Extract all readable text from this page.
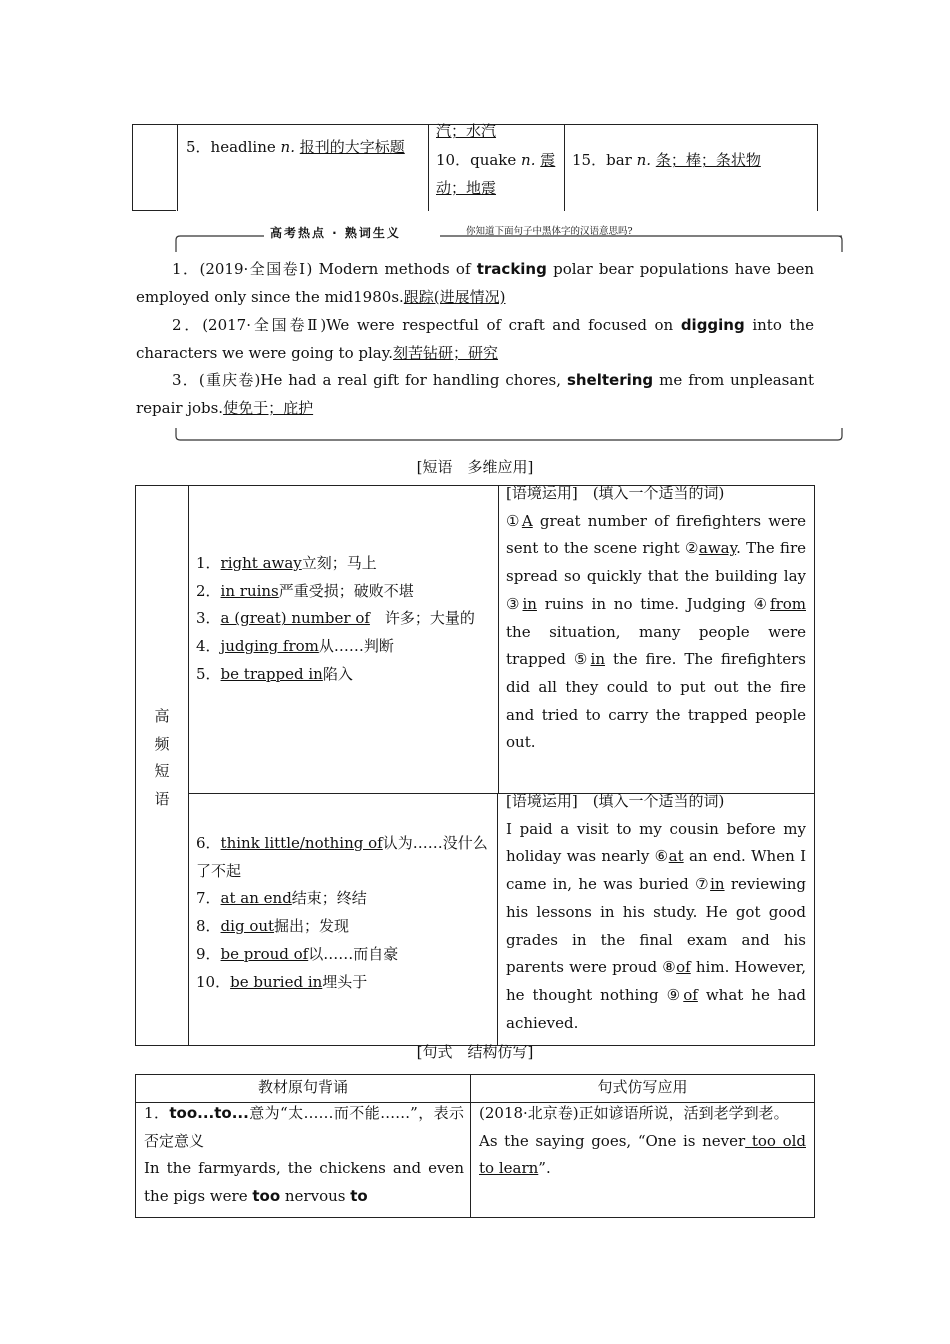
5．headline n. 报刊的大字标题
汽；水汽
10．quake n. 震动；地震
15．bar n. 条；棒；条状物
高考热点 · 熟词生义	你知道下面句子中黑体字的汉语意思吗?
1．(2019·全国卷Ⅰ) Modern methods of tracking polar bear populations have been employed only since the mid1980s.跟踪(进展情况)
2．(2017·全国卷Ⅱ)We were respectful of craft and focused on digging into the characters we were going to play.刻苦钻研；研究
3．(重庆卷)He had a real gift for handling chores, sheltering me from unpleasant repair jobs.使免于；庇护
[短语　多维应用]
高
频
短
语
1．right away立刻；马上
2．in ruins严重受损；破败不堪
3．a (great) number of　 许多；大量的
4．judging from从……判断
5．be trapped in陷入
[语境运用]　(填入一个适当的词)
①A great number of firefighters were sent to the scene right ②away. The fire spread so quickly that the building lay ③in ruins in no time. Judging ④from the situation, many people were trapped ⑤in the fire. The firefighters did all they could to put out the fire and tried to carry the trapped people out.
6．think little/nothing of认为……没什么了不起
7．at an end结束；终结
8．dig out掘出；发现
9．be proud of以……而自豪
10．be buried in埋头于
[语境运用]　(填入一个适当的词)
I paid a visit to my cousin before my holiday was nearly ⑥at an end. When I came in, he was buried ⑦in reviewing his lessons in his study. He got good grades in the final exam and his parents were proud ⑧of him. However, he thought nothing ⑨of what he had achieved.
[句式　结构仿写]
教材原句背诵	句式仿写应用
1．too...to...意为“太……而不能……”，表示否定意义
In the farmyards, the chickens and even the pigs were too nervous to
(2018·北京卷)正如谚语所说，活到老学到老。
As the saying goes, “One is never too old to learn”.
